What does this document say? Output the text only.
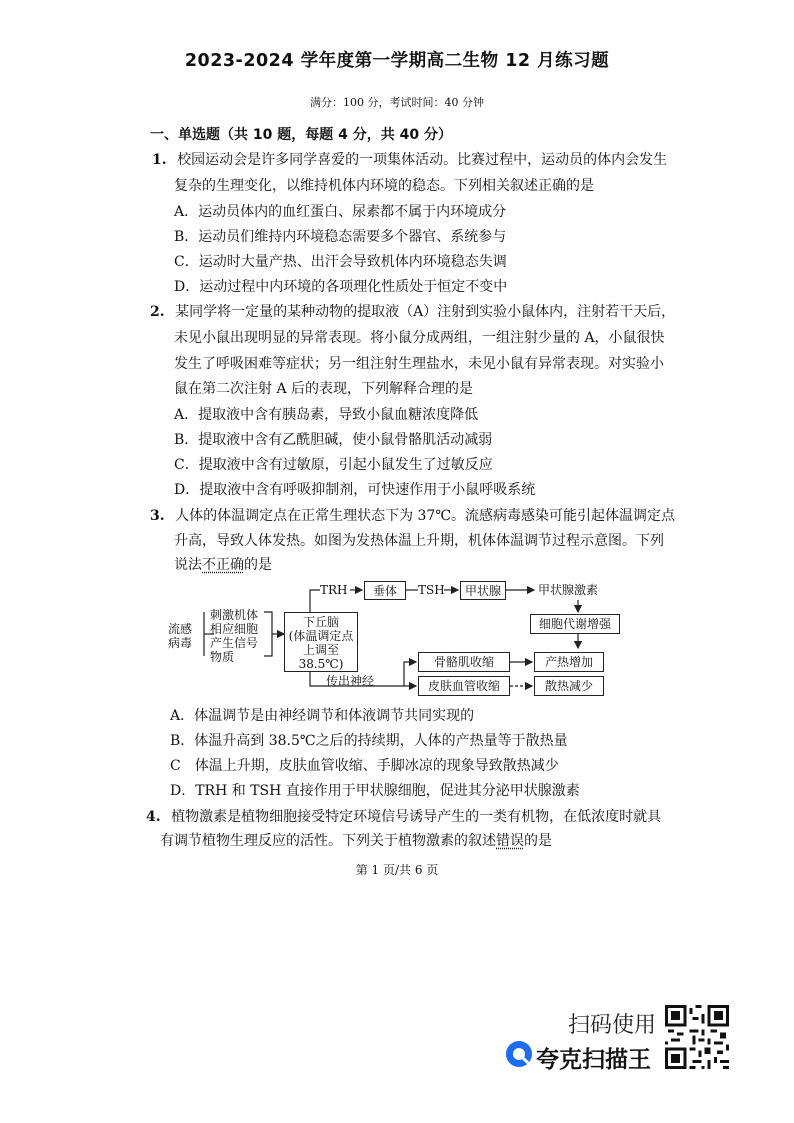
2023-2024 学年度第一学期高二生物 12 月练习题
满分：100 分，考试时间：40 分钟
一、单选题（共 10 题，每题 4 分，共 40 分）
1. 校园运动会是许多同学喜爱的一项集体活动。比赛过程中，运动员的体内会发生
复杂的生理变化，以维持机体内环境的稳态。下列相关叙述正确的是
A．运动员体内的血红蛋白、尿素都不属于内环境成分
B．运动员们维持内环境稳态需要多个器官、系统参与
C．运动时大量产热、出汗会导致机体内环境稳态失调
D．运动过程中内环境的各项理化性质处于恒定不变中
2. 某同学将一定量的某种动物的提取液（A）注射到实验小鼠体内，注射若干天后，
未见小鼠出现明显的异常表现。将小鼠分成两组，一组注射少量的 A，小鼠很快
发生了呼吸困难等症状；另一组注射生理盐水，未见小鼠有异常表现。对实验小
鼠在第二次注射 A 后的表现，下列解释合理的是
A．提取液中含有胰岛素，导致小鼠血糖浓度降低
B．提取液中含有乙酰胆碱，使小鼠骨骼肌活动减弱
C．提取液中含有过敏原，引起小鼠发生了过敏反应
D．提取液中含有呼吸抑制剂，可快速作用于小鼠呼吸系统
3. 人体的体温调定点在正常生理状态下为 37℃。流感病毒感染可能引起体温调定点
升高，导致人体发热。如图为发热体温上升期，机体体温调节过程示意图。下列
说法不正确的是
流感
病毒
刺激机体
相应细胞
产生信号
物质
下丘脑
(体温调定点
上调至38.5℃)
TRH	垂体	TSH	甲状腺	甲状腺激素
细胞代谢增强
传出神经
骨骼肌收缩
皮肤血管收缩
产热增加
散热减少
A．体温调节是由神经调节和体液调节共同实现的
B．体温升高到 38.5℃之后的持续期，人体的产热量等于散热量
C　体温上升期，皮肤血管收缩、手脚冰凉的现象导致散热减少
D．TRH 和 TSH 直接作用于甲状腺细胞，促进其分泌甲状腺激素
4. 植物激素是植物细胞接受特定环境信号诱导产生的一类有机物，在低浓度时就具
有调节植物生理反应的活性。下列关于植物激素的叙述错误的是
第 1 页/共 6 页
扫码使用
夸克扫描王
